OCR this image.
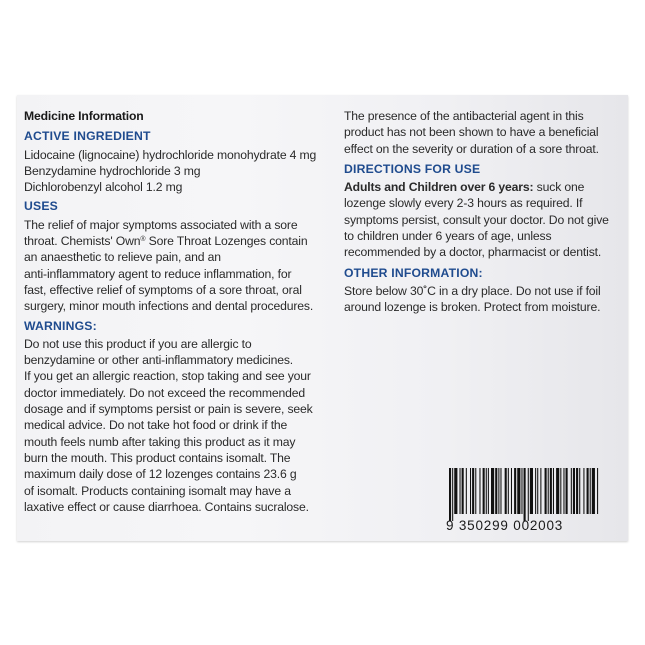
Medicine Information
ACTIVE INGREDIENT
Lidocaine (lignocaine) hydrochloride monohydrate 4 mg
Benzydamine hydrochloride 3 mg
Dichlorobenzyl alcohol 1.2 mg
USES
The relief of major symptoms associated with a sore
throat. Chemists' Own® Sore Throat Lozenges contain
an anaesthetic to relieve pain, and an
anti-inflammatory agent to reduce inflammation, for
fast, effective relief of symptoms of a sore throat, oral
surgery, minor mouth infections and dental procedures.
WARNINGS:
Do not use this product if you are allergic to
benzydamine or other anti-inflammatory medicines.
If you get an allergic reaction, stop taking and see your
doctor immediately. Do not exceed the recommended
dosage and if symptoms persist or pain is severe, seek
medical advice. Do not take hot food or drink if the
mouth feels numb after taking this product as it may
burn the mouth. This product contains isomalt. The
maximum daily dose of 12 lozenges contains 23.6 g
of isomalt. Products containing isomalt may have a
laxative effect or cause diarrhoea. Contains sucralose.
The presence of the antibacterial agent in this
product has not been shown to have a beneficial
effect on the severity or duration of a sore throat.
DIRECTIONS FOR USE
Adults and Children over 6 years: suck one
lozenge slowly every 2-3 hours as required. If
symptoms persist, consult your doctor. Do not give
to children under 6 years of age, unless
recommended by a doctor, pharmacist or dentist.
OTHER INFORMATION:
Store below 30˚C in a dry place. Do not use if foil
around lozenge is broken. Protect from moisture.
9 350299 002003
